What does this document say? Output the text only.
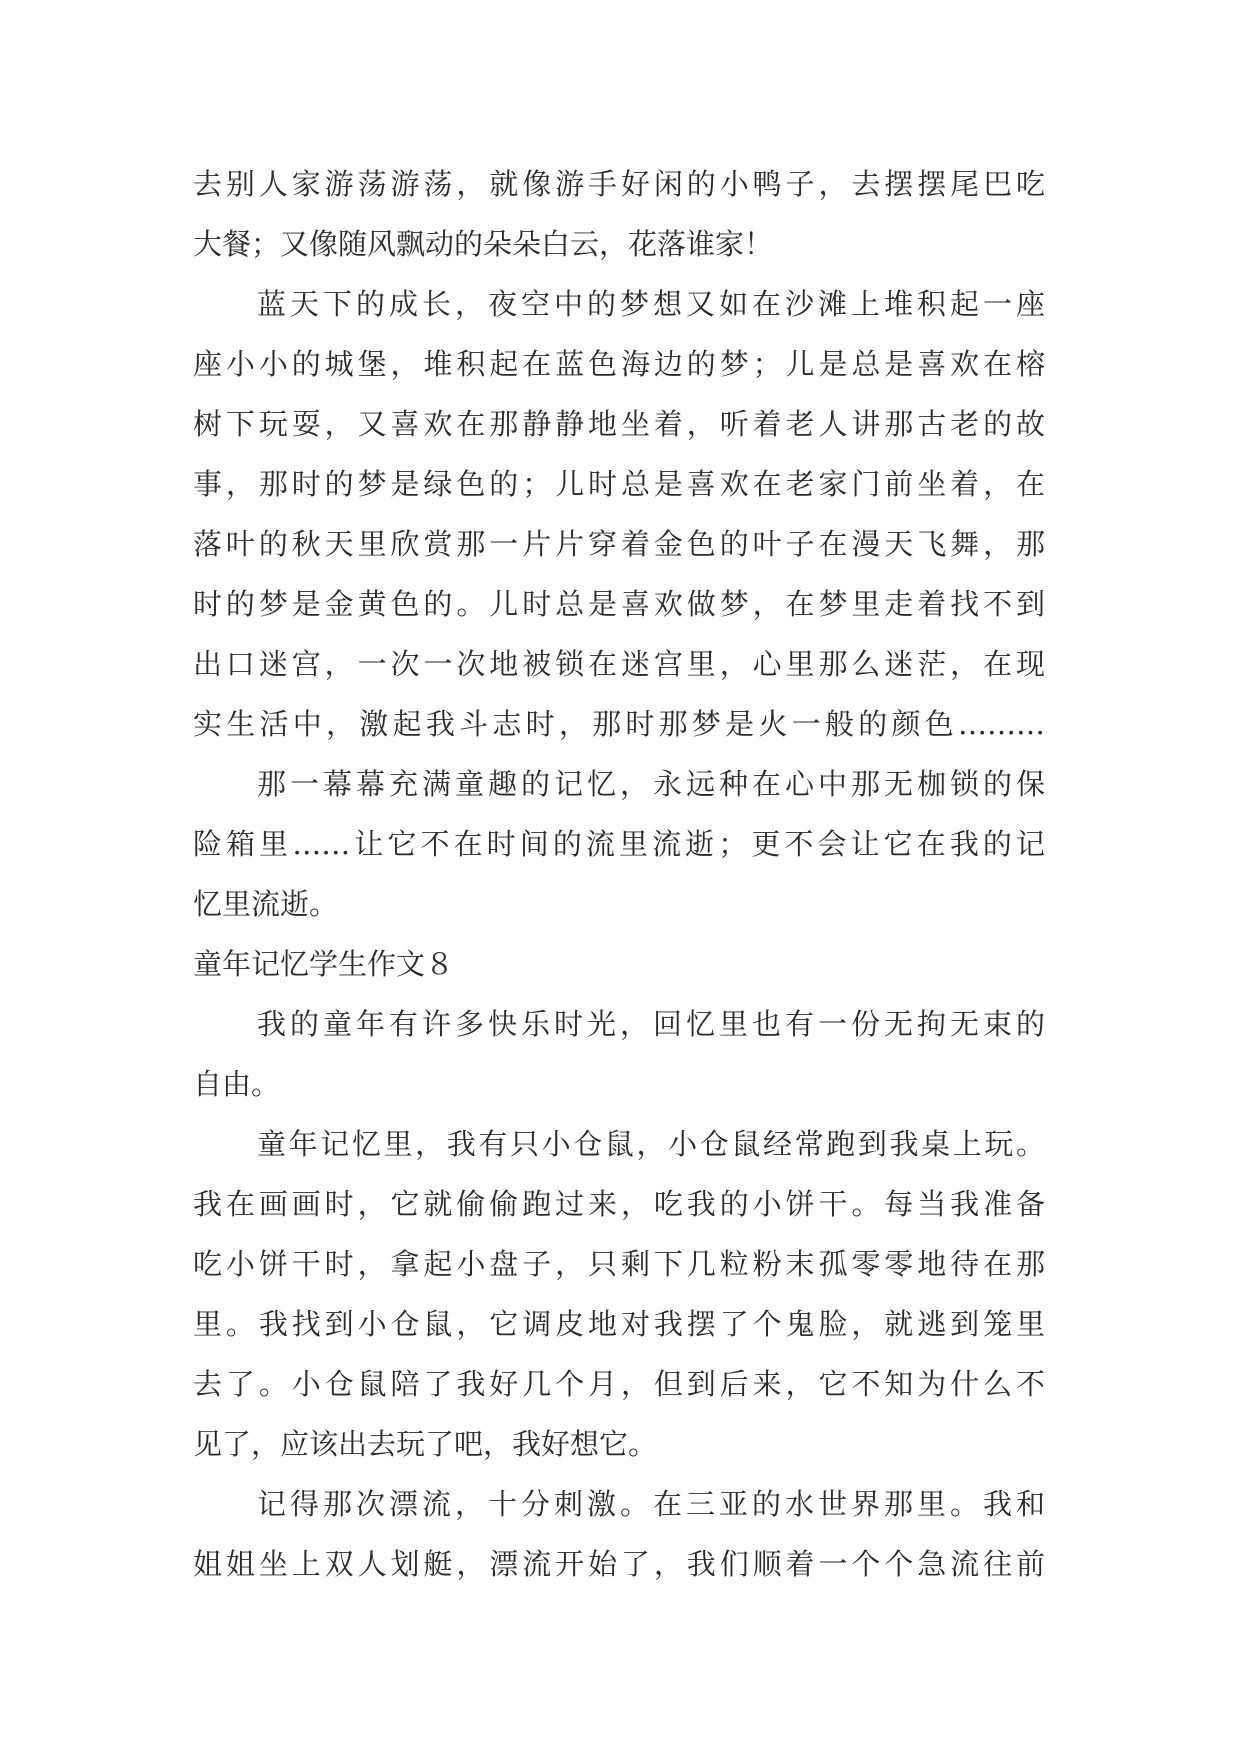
去别人家游荡游荡，就像游手好闲的小鸭子，去摆摆尾巴吃
大餐；又像随风飘动的朵朵白云，花落谁家！
蓝天下的成长，夜空中的梦想又如在沙滩上堆积起一座
座小小的城堡，堆积起在蓝色海边的梦；儿是总是喜欢在榕
树下玩耍，又喜欢在那静静地坐着，听着老人讲那古老的故
事，那时的梦是绿色的；儿时总是喜欢在老家门前坐着，在
落叶的秋天里欣赏那一片片穿着金色的叶子在漫天飞舞，那
时的梦是金黄色的。儿时总是喜欢做梦，在梦里走着找不到
出口迷宫，一次一次地被锁在迷宫里，心里那么迷茫，在现
实生活中，激起我斗志时，那时那梦是火一般的颜色………
那一幕幕充满童趣的记忆，永远种在心中那无枷锁的保
险箱里……让它不在时间的流里流逝；更不会让它在我的记
忆里流逝。
童年记忆学生作文８
我的童年有许多快乐时光，回忆里也有一份无拘无束的
自由。
童年记忆里，我有只小仓鼠，小仓鼠经常跑到我桌上玩。
我在画画时，它就偷偷跑过来，吃我的小饼干。每当我准备
吃小饼干时，拿起小盘子，只剩下几粒粉末孤零零地待在那
里。我找到小仓鼠，它调皮地对我摆了个鬼脸，就逃到笼里
去了。小仓鼠陪了我好几个月，但到后来，它不知为什么不
见了，应该出去玩了吧，我好想它。
记得那次漂流，十分刺激。在三亚的水世界那里。我和
姐姐坐上双人划艇，漂流开始了，我们顺着一个个急流往前
